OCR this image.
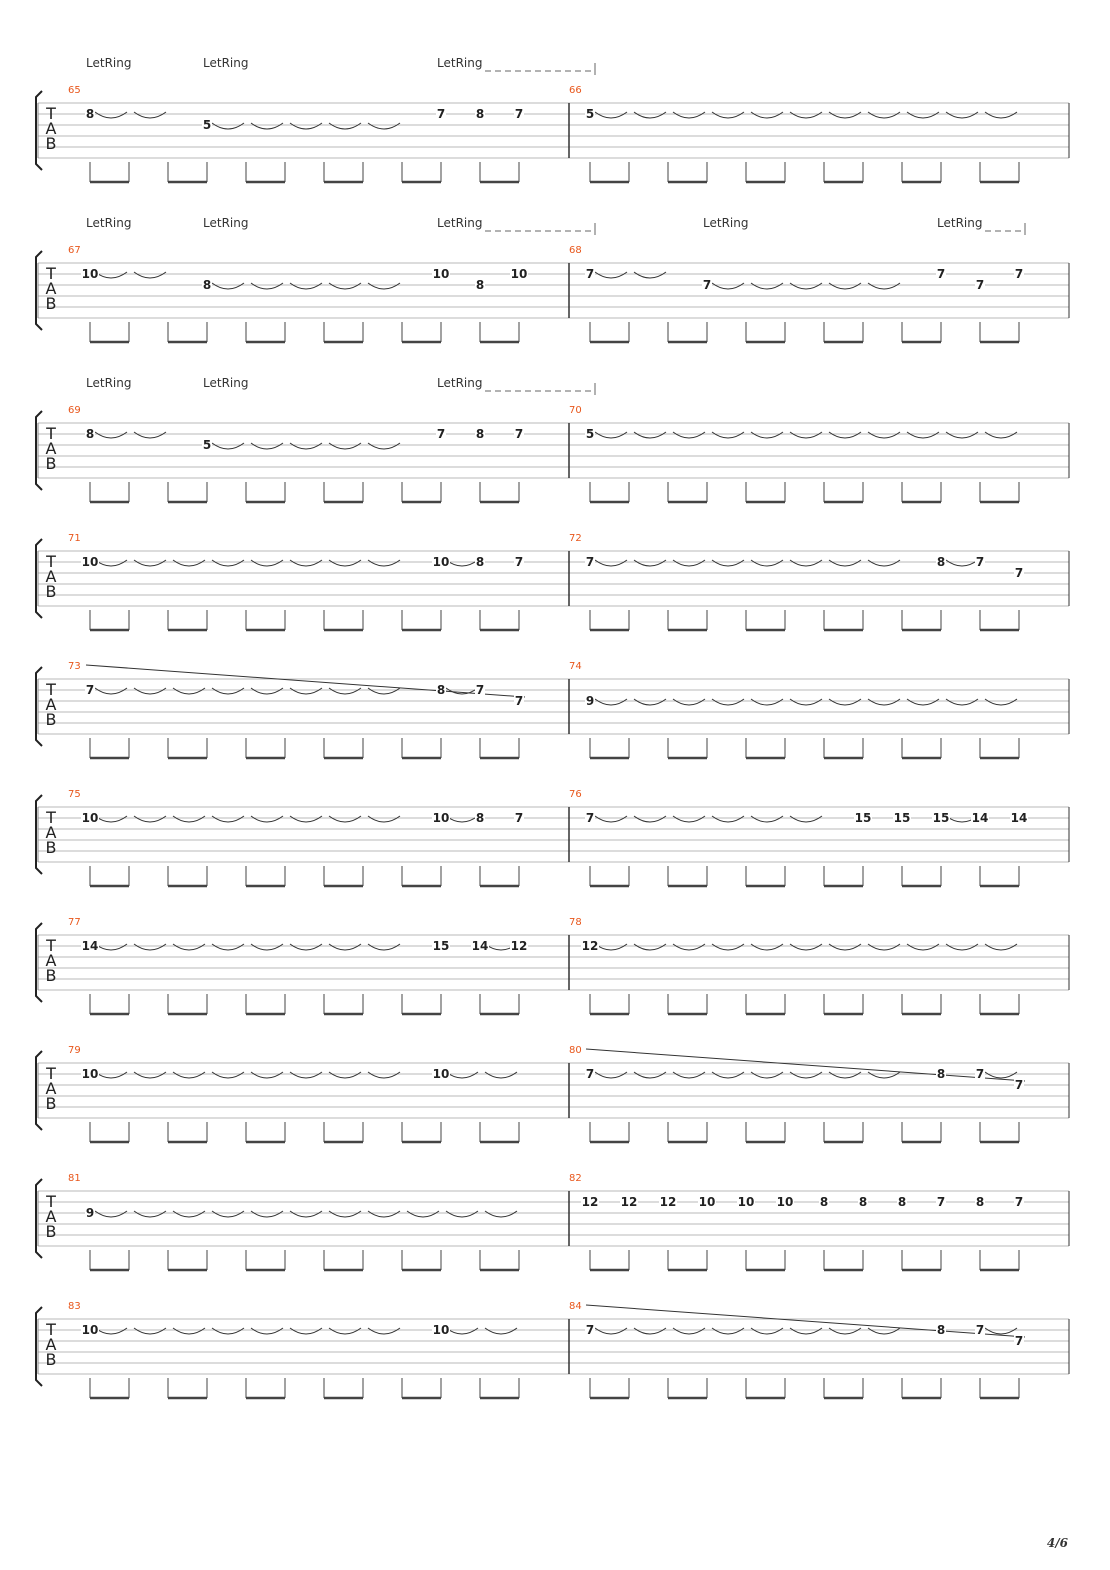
T
A
B
65
LetRing	LetRing	LetRing
8
5
7	8	7
66
5
T
A
B
67
LetRing	LetRing	LetRing
10
8
10
8
10
68
LetRing	LetRing
7
7
7
7
7
T
A
B
69
LetRing	LetRing	LetRing
8
5
7	8	7
70
5
T
A
B
71
10	10 8	7
72
7	8	7
7
T
A
B
73
7	8	7
7
74
9
T
A
B
75
10	10 8	7
76
7	15 15 15 14 14
T
A
B
77
14	15 14 12
78
12
T
A
B
79
10	10
80
7	8	7
7
T
A
B
81
9
82
12 12 12 10 10 10 8	8	8	7	8	7
T
A
B
83
10	10
84
7	8	7
7
4/6
